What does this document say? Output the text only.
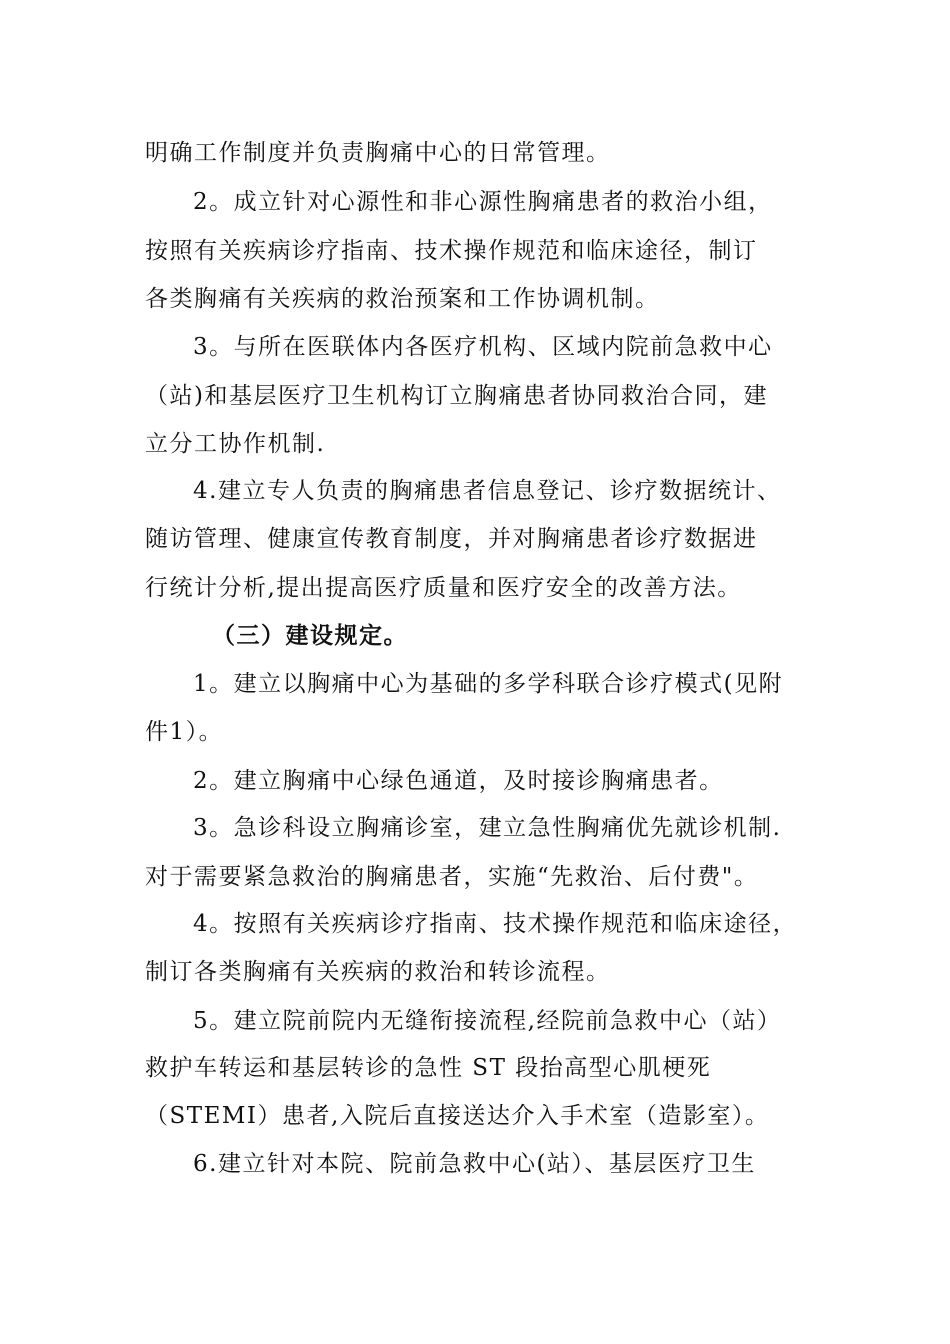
明确工作制度并负责胸痛中心的日常管理。
2。成立针对心源性和非心源性胸痛患者的救治小组，
按照有关疾病诊疗指南、技术操作规范和临床途径，制订
各类胸痛有关疾病的救治预案和工作协调机制。
3。与所在医联体内各医疗机构、区域内院前急救中心
（站)和基层医疗卫生机构订立胸痛患者协同救治合同，建
立分工协作机制.
4.建立专人负责的胸痛患者信息登记、诊疗数据统计、
随访管理、健康宣传教育制度，并对胸痛患者诊疗数据进
行统计分析,提出提高医疗质量和医疗安全的改善方法。
（三）建设规定。
1。建立以胸痛中心为基础的多学科联合诊疗模式(见附
件1）。
2。建立胸痛中心绿色通道，及时接诊胸痛患者。
3。急诊科设立胸痛诊室，建立急性胸痛优先就诊机制.
对于需要紧急救治的胸痛患者，实施“先救治、后付费"。
4。按照有关疾病诊疗指南、技术操作规范和临床途径，
制订各类胸痛有关疾病的救治和转诊流程。
5。建立院前院内无缝衔接流程,经院前急救中心（站）
救护车转运和基层转诊的急性 ST 段抬高型心肌梗死
（STEMI）患者,入院后直接送达介入手术室（造影室）。
6.建立针对本院、院前急救中心(站）、基层医疗卫生
